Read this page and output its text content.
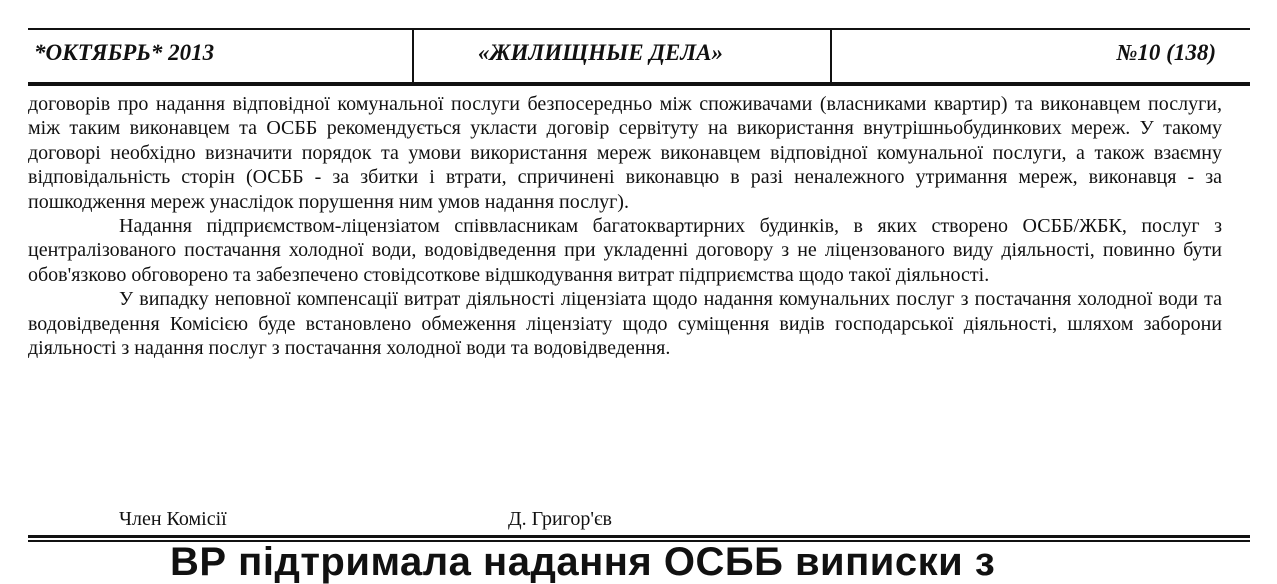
*ОКТЯБРЬ* 2013	«ЖИЛИЩНЫЕ ДЕЛА»	№10 (138)

договорів про надання відповідної комунальної послуги безпосередньо між споживачами (власниками квартир) та виконавцем послуги, між таким виконавцем та ОСББ рекомендується укласти договір сервітуту на використання внутрішньобудинкових мереж. У такому договорі необхідно визначити порядок та умови використання мереж виконавцем відповідної комунальної послуги, а також взаємну відповідальність сторін (ОСББ - за збитки і втрати, спричинені виконавцю в разі неналежного утримання мереж, виконавця - за пошкодження мереж унаслідок порушення ним умов надання послуг).

Надання підприємством-ліцензіатом співвласникам багатоквартирних будинків, в яких створено ОСББ/ЖБК, послуг з централізованого постачання холодної води, водовідведення при укладенні договору з не ліцензованого виду діяльності, повинно бути обов'язково обговорено та забезпечено стовідсоткове відшкодування витрат підприємства щодо такої діяльності.

У випадку неповної компенсації витрат діяльності ліцензіата щодо надання комунальних послуг з постачання холодної води та водовідведення Комісією буде встановлено обмеження ліцензіату щодо суміщення видів господарської діяльності, шляхом заборони діяльності з надання послуг з постачання холодної води та водовідведення.

Член Комісії	Д. Григор'єв
ВР підтримала надання ОСББ виписки з
